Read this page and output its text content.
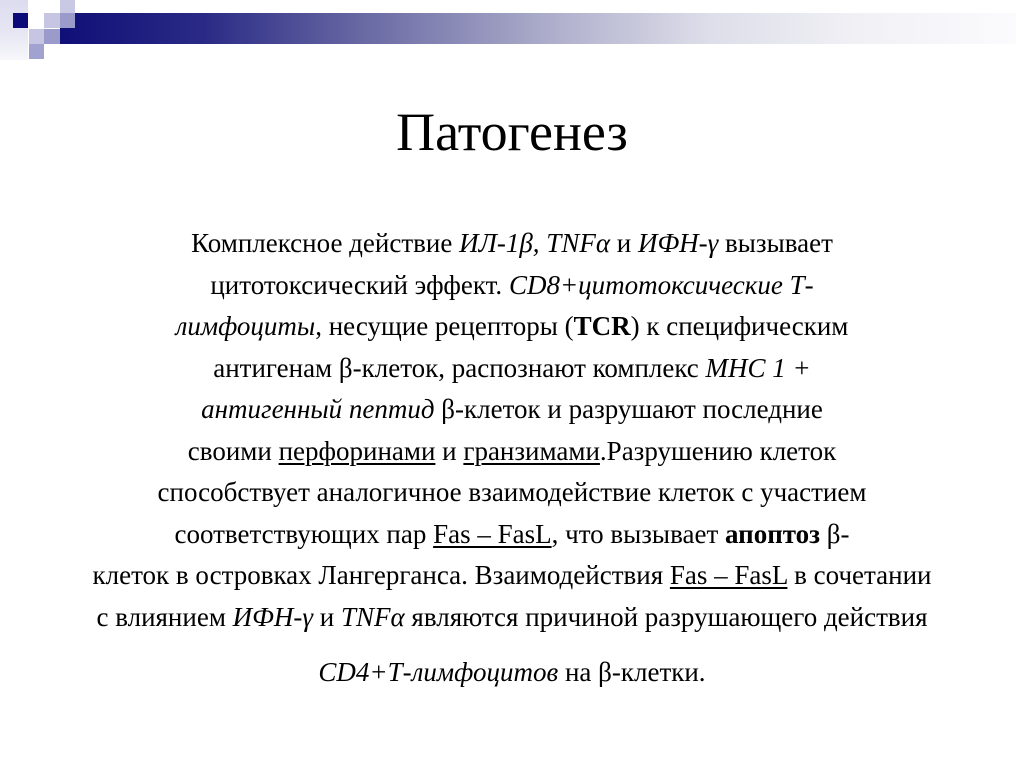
Патогенез
Комплексное действие ИЛ-1β, TNFα и ИФН-γ вызывает
цитотоксический эффект. CD8+цитотоксические Т-
лимфоциты, несущие рецепторы (TCR) к специфическим
антигенам β-клеток, распознают комплекс МНС 1 +
антигенный пептид β-клеток и разрушают последние
своими перфоринами и гранзимами.Разрушению клеток
способствует аналогичное взаимодействие клеток с участием
соответствующих пар Fas – FasL, что вызывает апоптоз β-
клеток в островках Лангерганса. Взаимодействия Fas – FasL в сочетании
с влиянием ИФН-γ и TNFα являются причиной разрушающего действия
CD4+Т-лимфоцитов на β-клетки.
